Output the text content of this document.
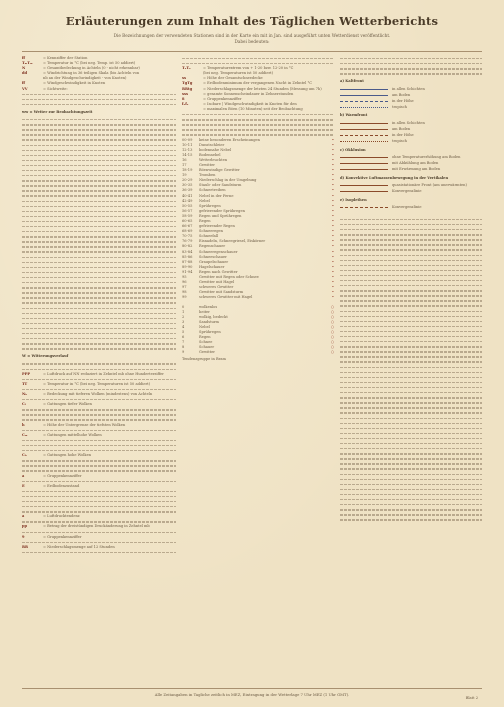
Erläuterungen zum Inhalt des Täglichen Wetterberichts
Die Bezeichnungen der verwendeten Stationen sind in der Karte ein mit in Jan. sind ausgeführt unten Wetterdienst veröffentlicht.
Dabei bedeuten:
ff	= Kennziffer der Station
TₘTₘ	= Temperatur in °C (bei neg. Temp. ist 50 addiert)
N	= Gesamtbedeckung in Achteln (0 - nicht erkennbar)
dd	= Windrichtung in 36 teiligen Skala (bis Achteln von
nb an der Windgeschwindigkeit - von Knoten)
ff	= Windgeschwindigkeit in Knoten
VV	= Sichtweite:
ww = Wetter zur Beobachtungszeit
W = Witterungsverlauf
PPP	= Luftdruck auf NN reduziert in Zehntel mb ohne Hunderterziffer
TT	= Temperatur in °C (bei neg. Temperaturen ist 50 addiert)
Nₕ	= Bedeckung mit tieferen Wolken (mindestens) von Achteln
Cₗ	= Gattungen tiefer Wolken
h	= Höhe der Untergrenze der tiefsten Wolken
Cₘ	= Gattungen mittelhohe Wolken
Cₕ	= Gattungen hohe Wolken
a	= Gruppenkennziffer
E	= Erdbodenzustand
a	= Luftdrucktendenz
pp	= Betrag der dreistündigen Druckänderung in Zehntel mb
9	= Gruppenkennziffer
RR	= Niederschlagsmenge auf 12 Stunden
TₓTₓ	= Temperaturextrem von + 1-20 bzw. 12-20 in °C
(bei neg. Temperaturen ist 50 addiert)
ss	= Höhe der Gesamtschneedecke
TgTg	= Erdbodenminimum der vergangenen Nacht in Zehntel °C
RRtg	= Niederschlagsmenge der letzten 24 Stunden (Messung um 7h)
sss	= gesamte Sonnenscheindauer in Zehnerstunden
8	= Gruppenkennziffer
fₓfₓ	= Isobare | Windgeschwindigkeit in Knoten für den
= maximalen Böen (10 Minuten) seit der Beobachtung
00-09	keine besonderen Erscheinungen	•
10-11	Dunstschleier	•
12-13	bodennahe Nebel	•
14-15	Bodennebel	•
16	Wetterleuchten	•
17	Gewitter	•
18-19	Böenwindige Gewitter	•
19	Tromben	•
20-29	Niederschlag in der Umgebung	•
30-35	Staub- oder Sandsturm	•
36-39	Schneetreiben	•
40-41	Nebel in der Ferne	•
42-49	Nebel	•
50-55	Sprühregen	•
56-57	gefrierender Sprühregen	•
58-59	Regen und Sprühregen	•
60-65	Regen	•
66-67	gefrierender Regen	•
68-69	Schneeregen	•
70-75	Schneefall	•
76-79	Eisnadeln, Schneegriesel, Eiskörner	•
80-82	Regenschauer	•
83-84	Schneeregenschauer	•
85-86	Schneeschauer	•
87-88	Graupelschauer	•
89-90	Hagelschauer	•
91-94	Regen nach Gewitter	•
95	Gewitter mit Regen oder Schnee	•
96	Gewitter mit Hagel	•
97	schweres Gewitter	•
98	Gewitter mit Sandsturm	•
99	schweres Gewitter mit Hagel	•
0	wolkenlos	○
1	heiter	○
2	wolkig, bedeckt	○
3	Sandsturm	○
4	Nebel	○
5	Sprühregen	○
6	Regen	○
7	Schnee	○
8	Schauer	○
9	Gewitter	○
Tendenzgruppe in Bram
a) Kaltfront
in allen Schichten
am Boden
in der Höhe
tropisch
b) Warmfront
in allen Schichten
am Boden
in der Höhe
tropisch
c) Okklusion
ohne Temperaturerhöhung am Boden
mit Abkühlung am Boden
mit Erwärmung am Boden
d) Konvektive Luftmassenbewegung in der Vertikalen
quasistationäre Front (am unerwärmten)
Konvergenzlinie
e) Isoplethen
Konvergenzlinie
Alle Zeitangaben in Tagliche zeitlich in MEZ, Eintragung in der Wetterlage 7 Uhr MEZ (1 Uhr GMT).
Blatt 2
